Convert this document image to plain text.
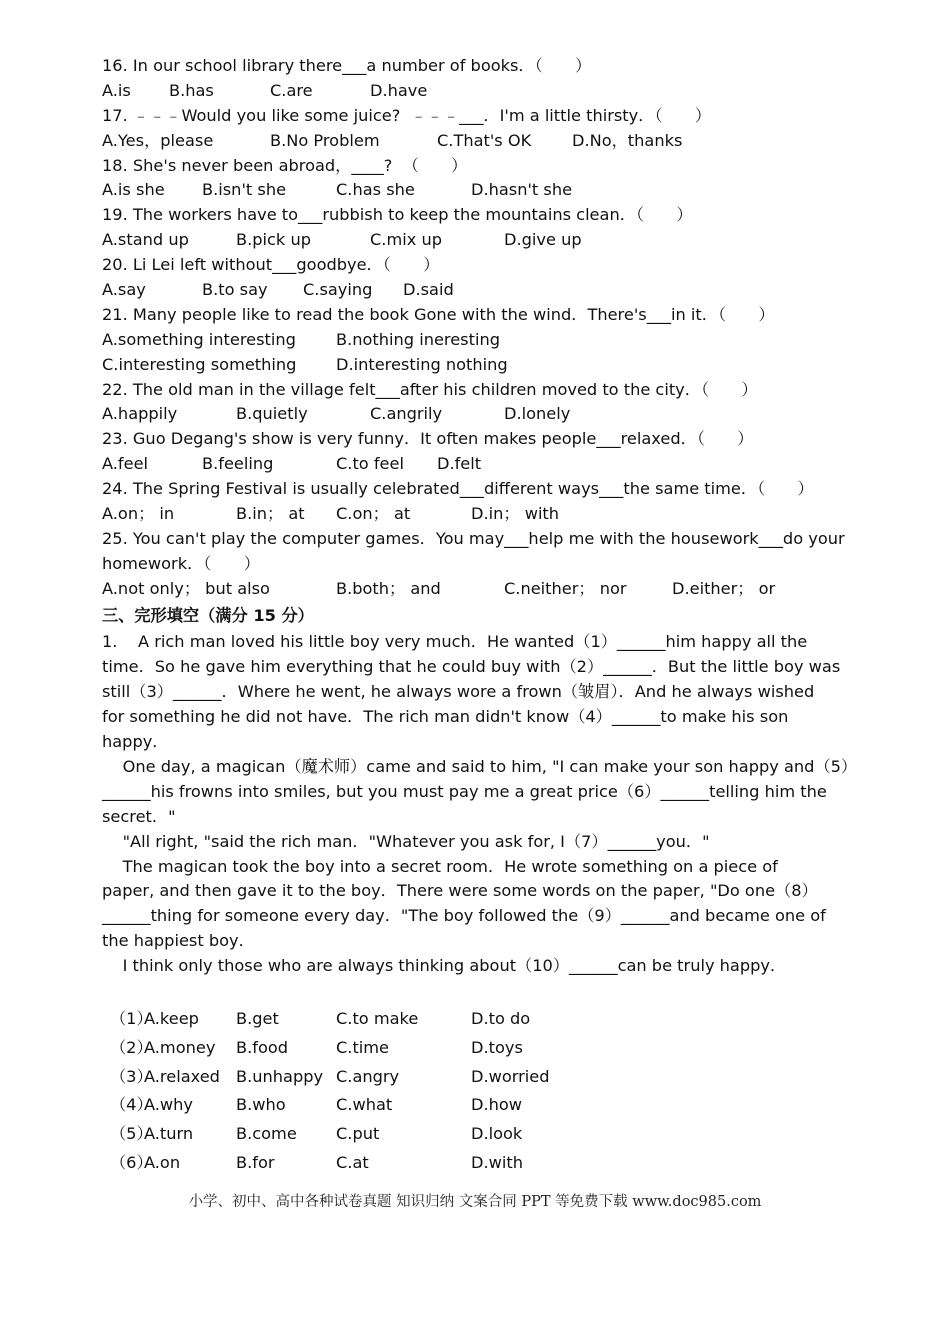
16. In our school library there___a number of books．（　　）
A.is B.has	C.are	D.have
17. ﹣﹣﹣Would you like some juice?  ﹣﹣﹣___．I'm a little thirsty．（　　）
A.Yes，please	B.No Problem	C.That's OK	D.No，thanks
18. She's never been abroad，____?  （　　）
A.is she B.isn't she	C.has she	D.hasn't she
19. The workers have to___rubbish to keep the mountains clean．（　　）
A.stand up	B.pick up	C.mix up	D.give up
20. Li Lei left without___goodbye．（　　）
A.say	B.to say C.saying D.said
21. Many people like to read the book Gone with the wind．There's___in it．（　　）
A.something interesting B.nothing ineresting
C.interesting something D.interesting nothing
22. The old man in the village felt___after his children moved to the city．（　　）
A.happily	B.quietly	C.angrily	D.lonely
23. Guo Degang's show is very funny．It often makes people___relaxed．（　　）
A.feel	B.feeling	C.to feel D.felt
24. The Spring Festival is usually celebrated___different ways___the same time．（　　）
A.on； in	B.in； at C.on； at	D.in； with
25. You can't play the computer games．You may___help me with the housework___do your
homework．（　　）
A.not only； but also	B.both； and	C.neither； nor	D.either； or
三、完形填空（满分 15 分）
1.    A rich man loved his little boy very much．He wanted（1）______him happy all the
time．So he gave him everything that he could buy with（2）______．But the little boy was
still（3）______．Where he went, he always wore a frown（皱眉）．And he always wished
for something he did not have．The rich man didn't know（4）______to make his son
happy．
One day, a magican（魔术师）came and said to him, "I can make your son happy and（5）
______his frowns into smiles, but you must pay me a great price（6）______telling him the
secret．"
"All right, "said the rich man．"Whatever you ask for, I（7）______you．"
The magican took the boy into a secret room．He wrote something on a piece of
paper, and then gave it to the boy．There were some words on the paper, "Do one（8）
______thing for someone every day．"The boy followed the（9）______and became one of
the happiest boy．
I think only those who are always thinking about（10）______can be truly happy．
（1）
A.keep B.get	C.to make	D.to do
（2）
A.money B.food	C.time	D.toys
（3）
A.relaxed B.unhappy C.angry	D.worried
（4）
A.why	B.who	C.what	D.how
（5）
A.turn	B.come C.put	D.look
（6）
A.on	B.for	C.at	D.with
小学、初中、高中各种试卷真题 知识归纳 文案合同 PPT 等免费下载 www.doc985.com
